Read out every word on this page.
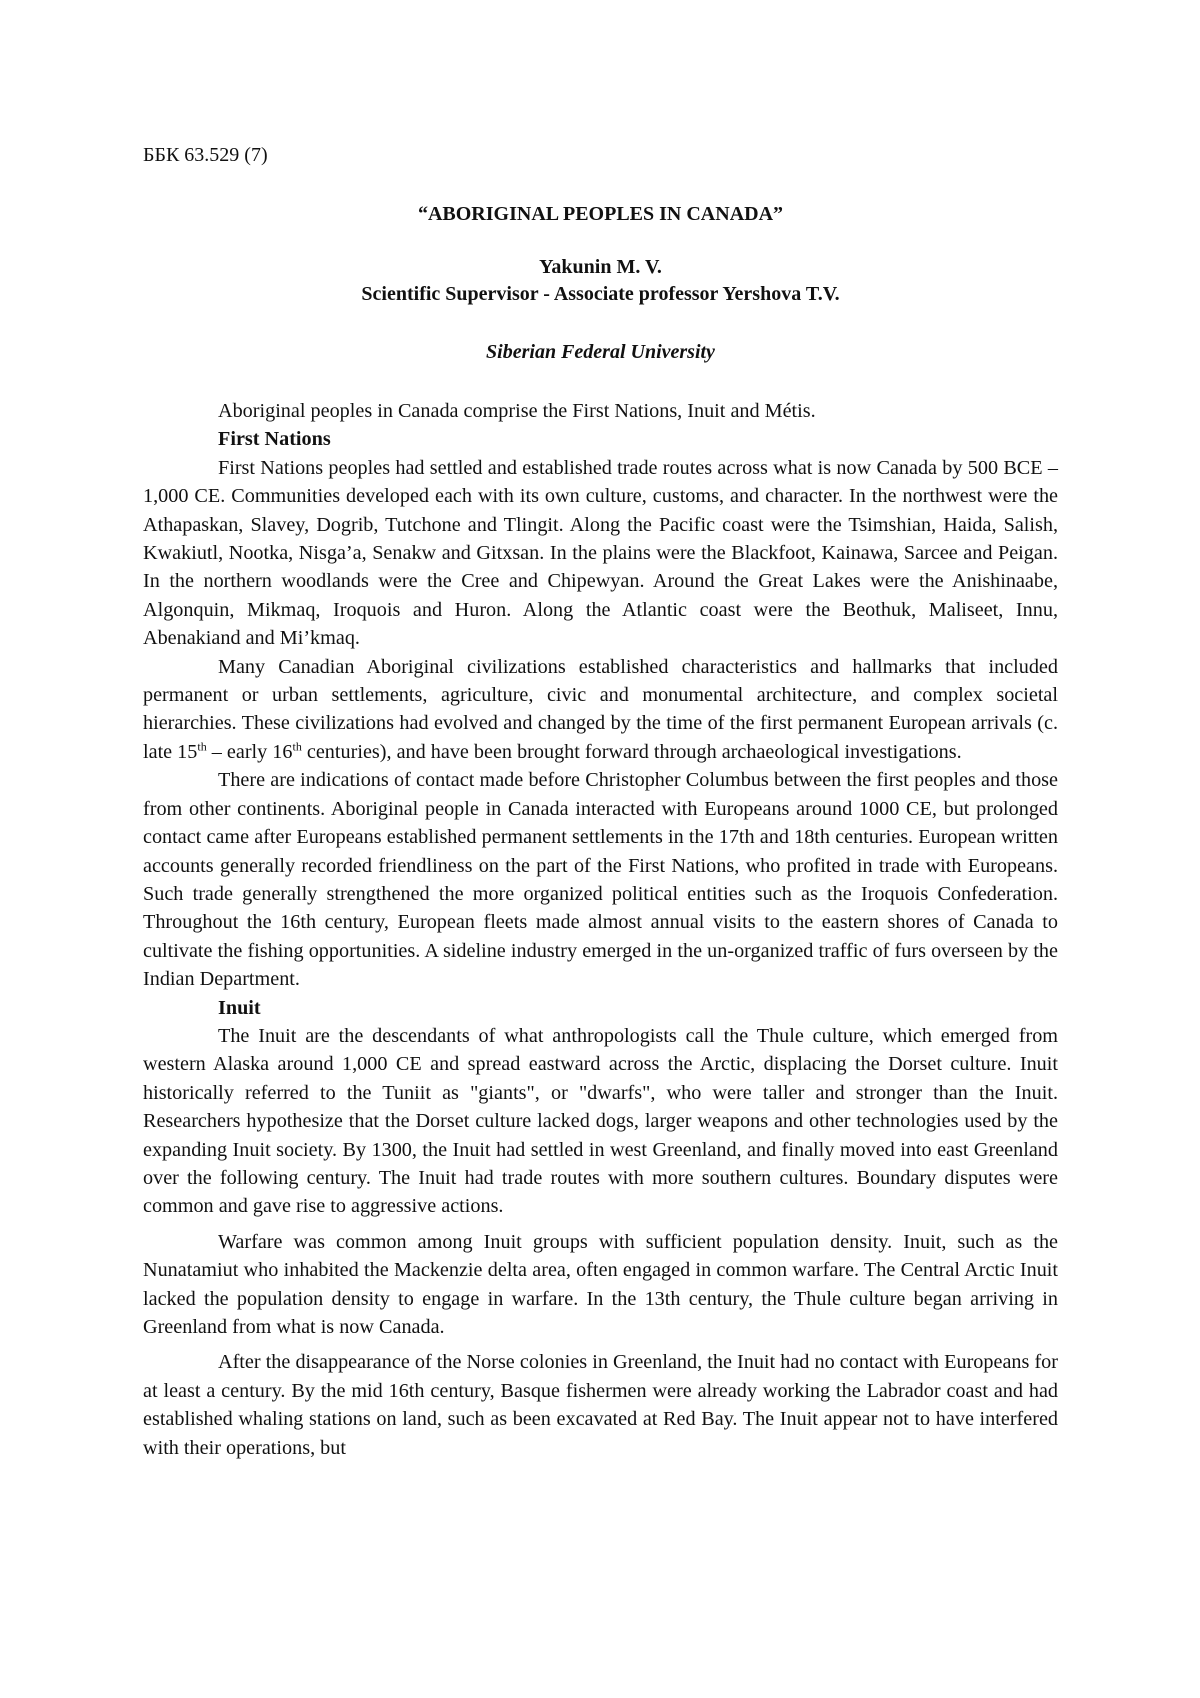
ББК 63.529 (7)

“ABORIGINAL PEOPLES IN CANADA”
Yakunin M. V.
Scientific Supervisor - Associate professor Yershova T.V.
Siberian Federal University

Aboriginal peoples in Canada comprise the First Nations, Inuit and Métis.

First Nations

First Nations peoples had settled and established trade routes across what is now Canada by 500 BCE – 1,000 CE. Communities developed each with its own culture, customs, and character. In the northwest were the Athapaskan, Slavey, Dogrib, Tutchone and Tlingit. Along the Pacific coast were the Tsimshian, Haida, Salish, Kwakiutl, Nootka, Nisga’a, Senakw and Gitxsan. In the plains were the Blackfoot, Kainawa, Sarcee and Peigan. In the northern woodlands were the Cree and Chipewyan. Around the Great Lakes were the Anishinaabe, Algonquin, Mikmaq, Iroquois and Huron. Along the Atlantic coast were the Beothuk, Maliseet, Innu, Abenakiand and Mi’kmaq.

Many Canadian Aboriginal civilizations established characteristics and hallmarks that included permanent or urban settlements, agriculture, civic and monumental architecture, and complex societal hierarchies. These civilizations had evolved and changed by the time of the first permanent European arrivals (c. late 15th – early 16th centuries), and have been brought forward through archaeological investigations.

There are indications of contact made before Christopher Columbus between the first peoples and those from other continents. Aboriginal people in Canada interacted with Europeans around 1000 CE, but prolonged contact came after Europeans established permanent settlements in the 17th and 18th centuries. European written accounts generally recorded friendliness on the part of the First Nations, who profited in trade with Europeans. Such trade generally strengthened the more organized political entities such as the Iroquois Confederation. Throughout the 16th century, European fleets made almost annual visits to the eastern shores of Canada to cultivate the fishing opportunities. A sideline industry emerged in the un-organized traffic of furs overseen by the Indian Department.

Inuit

The Inuit are the descendants of what anthropologists call the Thule culture, which emerged from western Alaska around 1,000 CE and spread eastward across the Arctic, displacing the Dorset culture. Inuit historically referred to the Tuniit as "giants", or "dwarfs", who were taller and stronger than the Inuit. Researchers hypothesize that the Dorset culture lacked dogs, larger weapons and other technologies used by the expanding Inuit society. By 1300, the Inuit had settled in west Greenland, and finally moved into east Greenland over the following century. The Inuit had trade routes with more southern cultures. Boundary disputes were common and gave rise to aggressive actions.

Warfare was common among Inuit groups with sufficient population density. Inuit, such as the Nunatamiut who inhabited the Mackenzie delta area, often engaged in common warfare. The Central Arctic Inuit lacked the population density to engage in warfare. In the 13th century, the Thule culture began arriving in Greenland from what is now Canada.

After the disappearance of the Norse colonies in Greenland, the Inuit had no contact with Europeans for at least a century. By the mid 16th century, Basque fishermen were already working the Labrador coast and had established whaling stations on land, such as been excavated at Red Bay. The Inuit appear not to have interfered with their operations, but
